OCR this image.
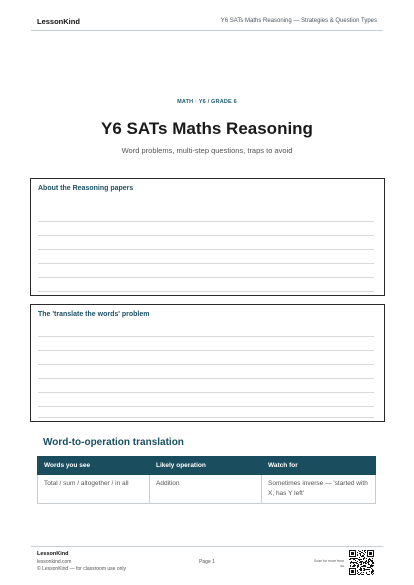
LessonKind	Y6 SATs Maths Reasoning — Strategies & Question Types
MATH · Y6 / GRADE 6
Y6 SATs Maths Reasoning
Word problems, multi-step questions, traps to avoid
About the Reasoning papers
The 'translate the words' problem
Word-to-operation translation
Words you see	Likely operation	Watch for
Total / sum / altogether / in all	Addition	Sometimes inverse — 'started with X, has Y left'
LessonKind
lessonkind.com
© LessonKind — for classroom use only
Page 1	Scan for more from us
